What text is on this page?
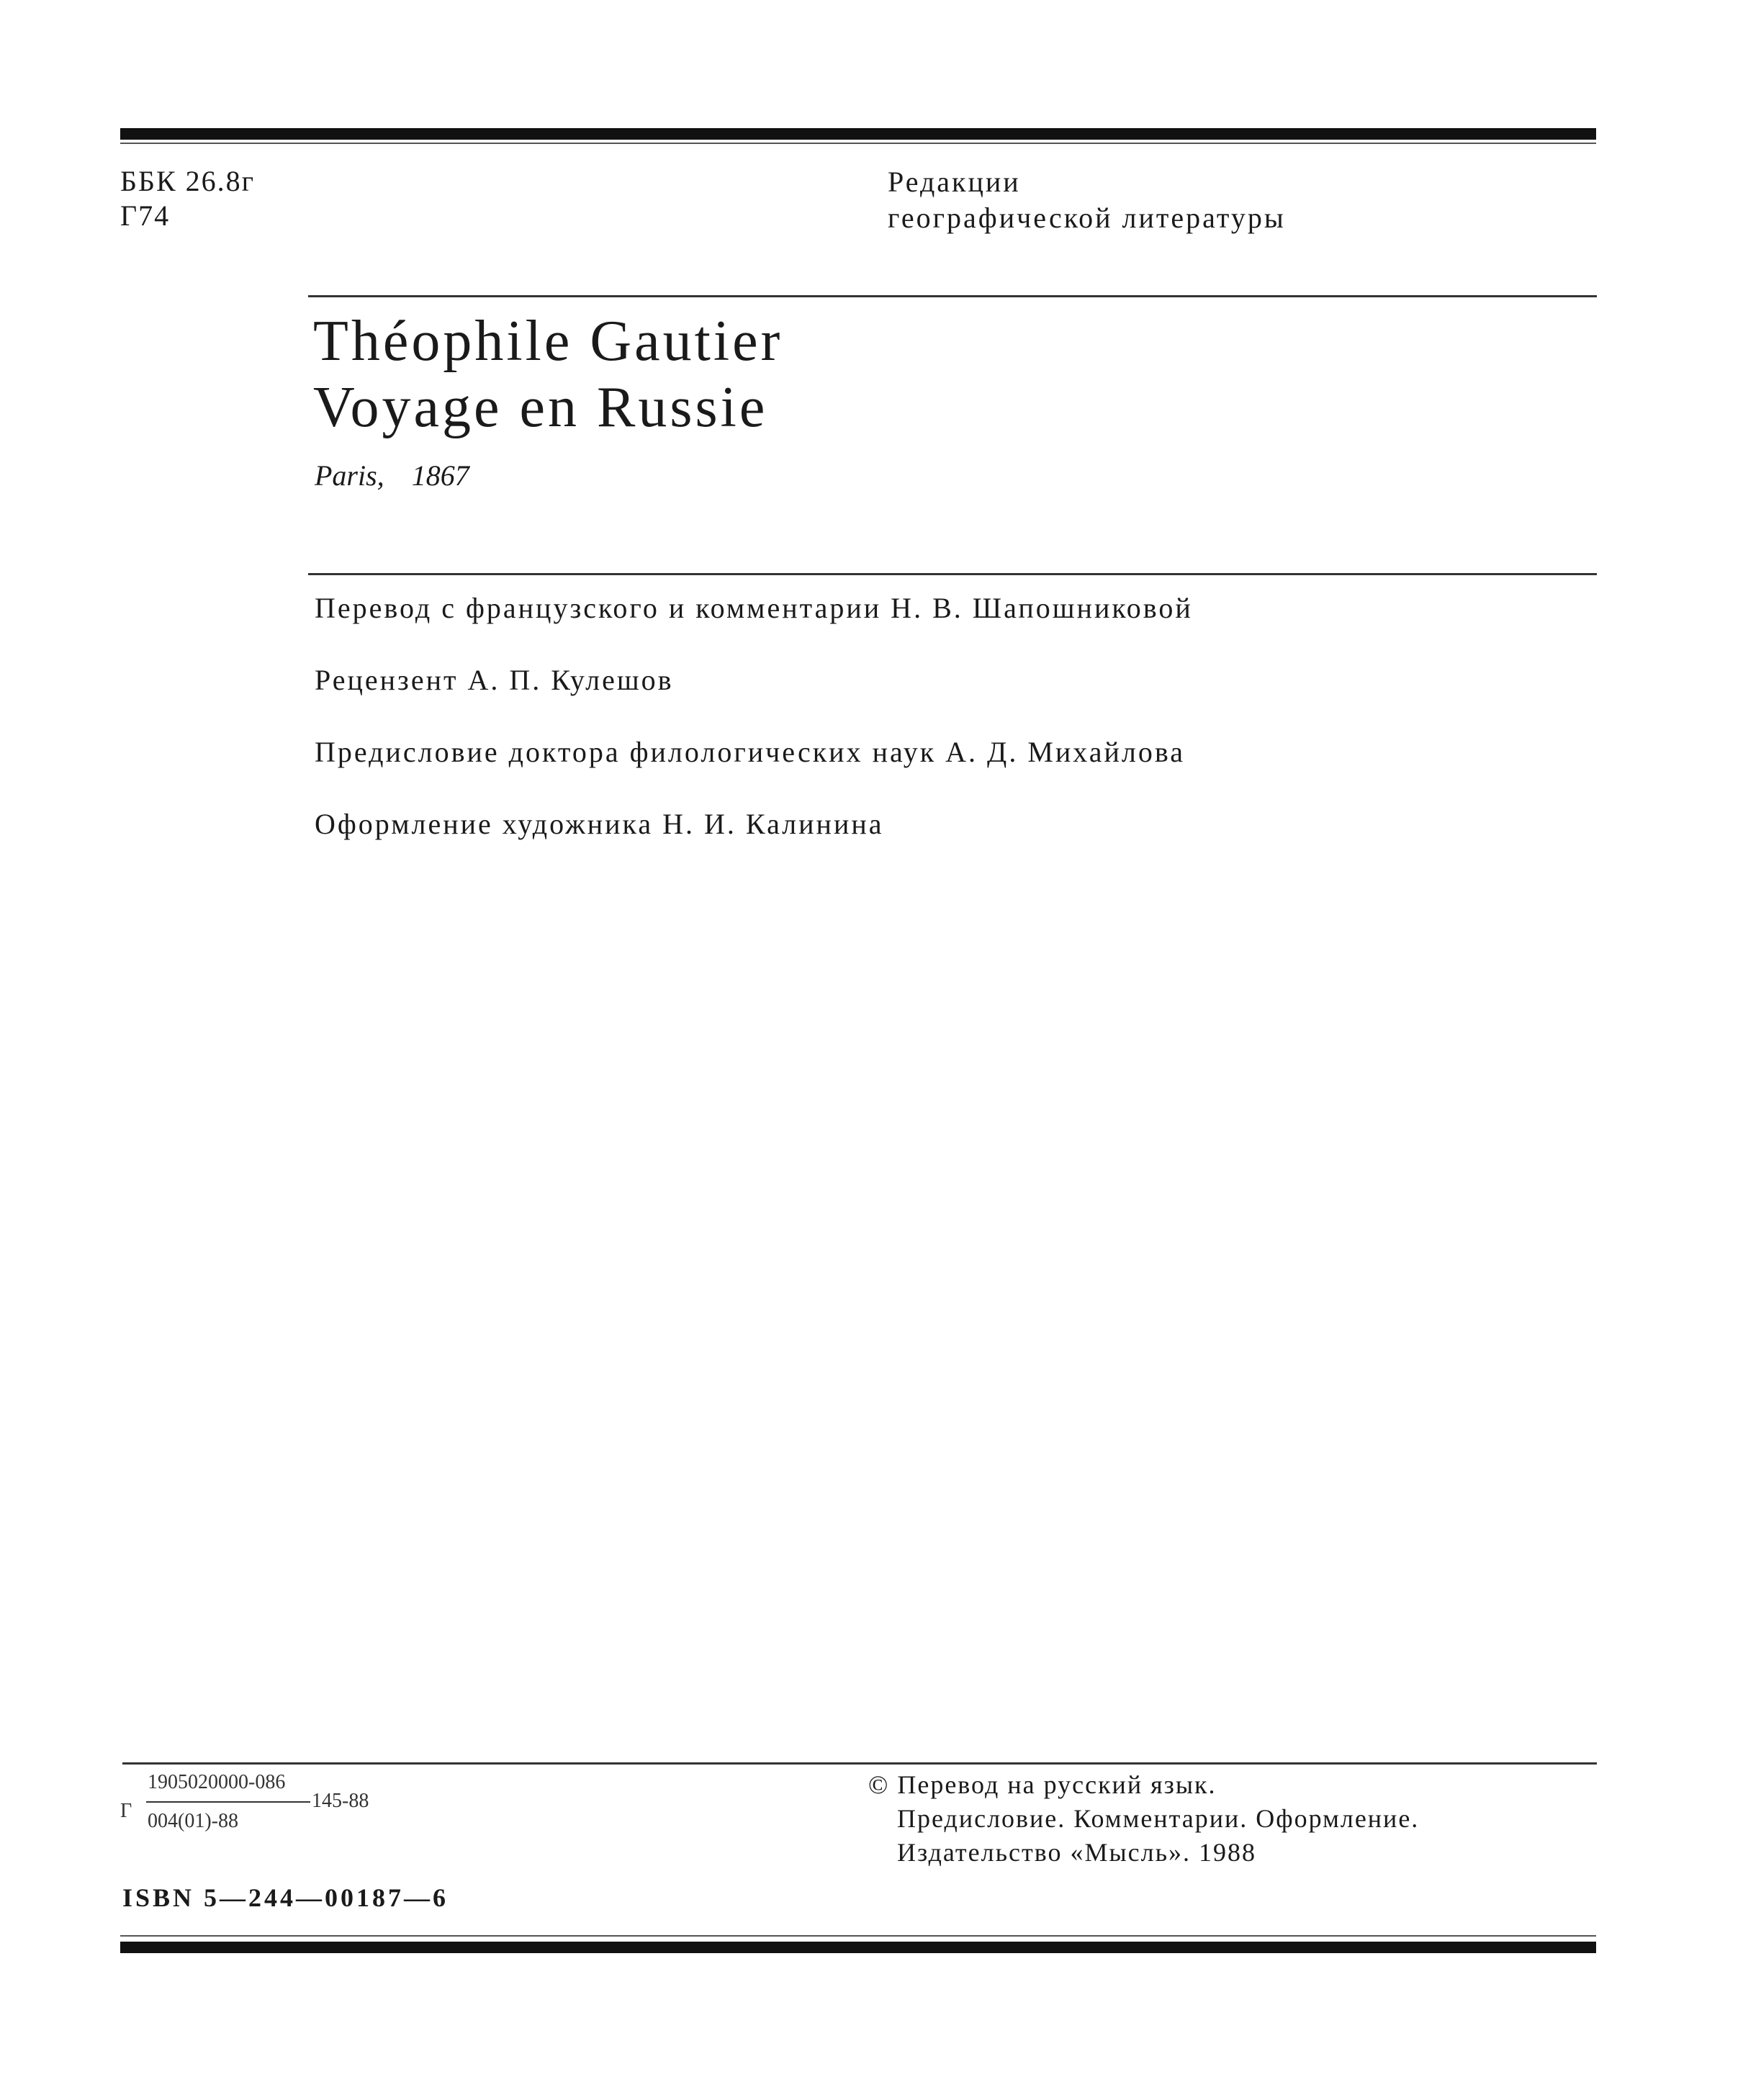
ББК 26.8г
Г74
Редакции
географической литературы
Théophile Gautier
Voyage en Russie
Paris, 1867
Перевод с французского и комментарии Н. В. Шапошниковой
Рецензент А. П. Кулешов
Предисловие доктора филологических наук А. Д. Михайлова
Оформление художника Н. И. Калинина
Г
1905020000-086
004(01)-88
145-88
© Перевод на русский язык.
Предисловие. Комментарии. Оформление.
Издательство «Мысль». 1988
ISBN 5—244—00187—6
